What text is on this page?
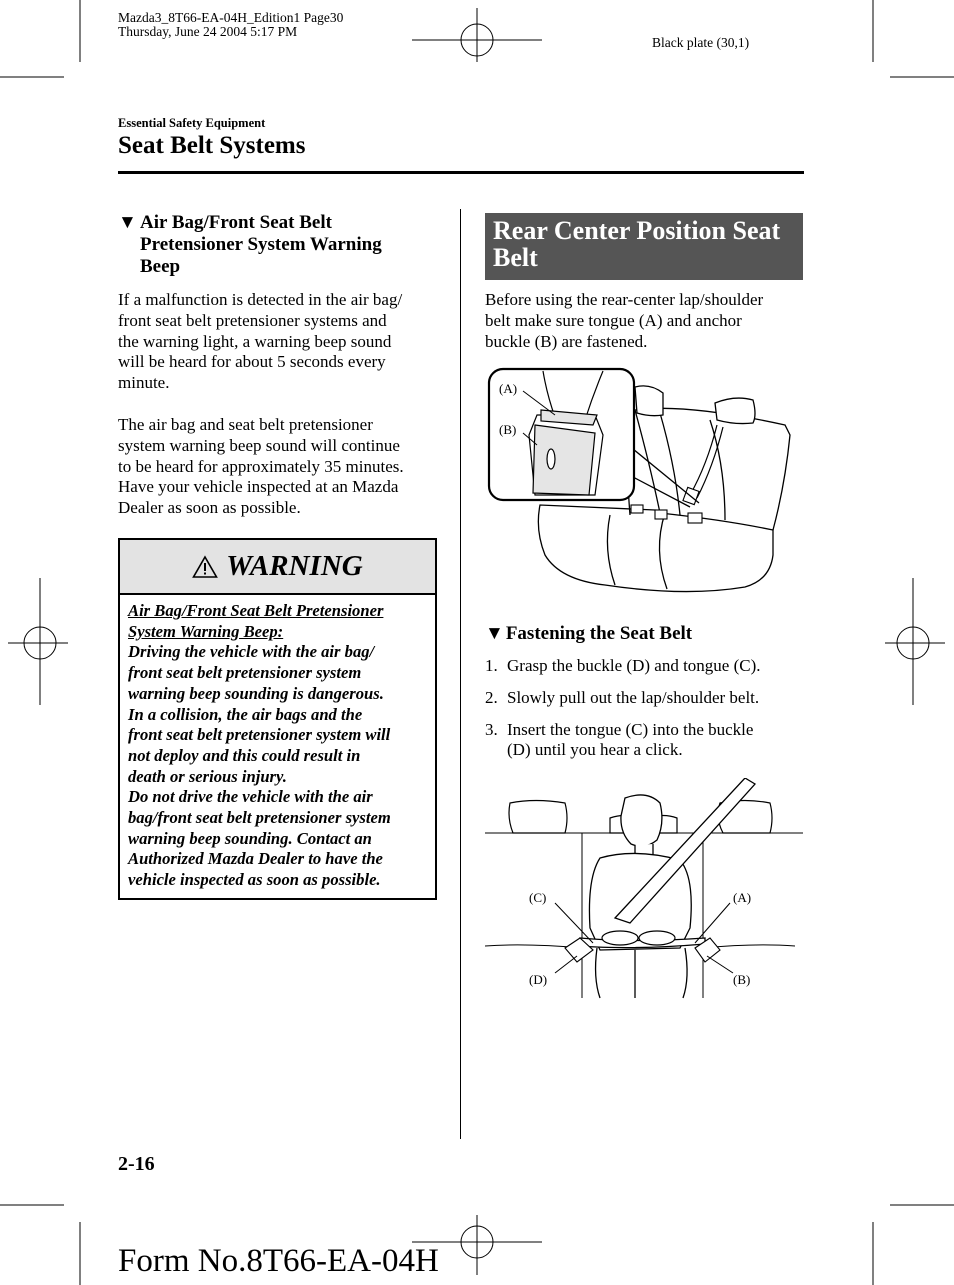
Mazda3_8T66-EA-04H_Edition1 Page30
Thursday, June 24 2004 5:17 PM
Black plate (30,1)
Essential Safety Equipment
Seat Belt Systems
▼ Air Bag/Front Seat Belt
Pretensioner System Warning
Beep
If a malfunction is detected in the air bag/
front seat belt pretensioner systems and
the warning light, a warning beep sound
will be heard for about 5 seconds every
minute.
The air bag and seat belt pretensioner
system warning beep sound will continue
to be heard for approximately 35 minutes.
Have your vehicle inspected at an Mazda
Dealer as soon as possible.
WARNING
Air Bag/Front Seat Belt Pretensioner
System Warning Beep:
Driving the vehicle with the air bag/
front seat belt pretensioner system
warning beep sounding is dangerous.
In a collision, the air bags and the
front seat belt pretensioner system will
not deploy and this could result in
death or serious injury.
Do not drive the vehicle with the air
bag/front seat belt pretensioner system
warning beep sounding. Contact an
Authorized Mazda Dealer to have the
vehicle inspected as soon as possible.
Rear Center Position Seat
Belt
Before using the rear-center lap/shoulder
belt make sure tongue (A) and anchor
buckle (B) are fastened.
(A)
(B)
▼ Fastening the Seat Belt
1. Grasp the buckle (D) and tongue (C).
2. Slowly pull out the lap/shoulder belt.
3. Insert the tongue (C) into the buckle
(D) until you hear a click.
(C)	(A)
(D)	(B)
2-16
Form No.8T66-EA-04H
